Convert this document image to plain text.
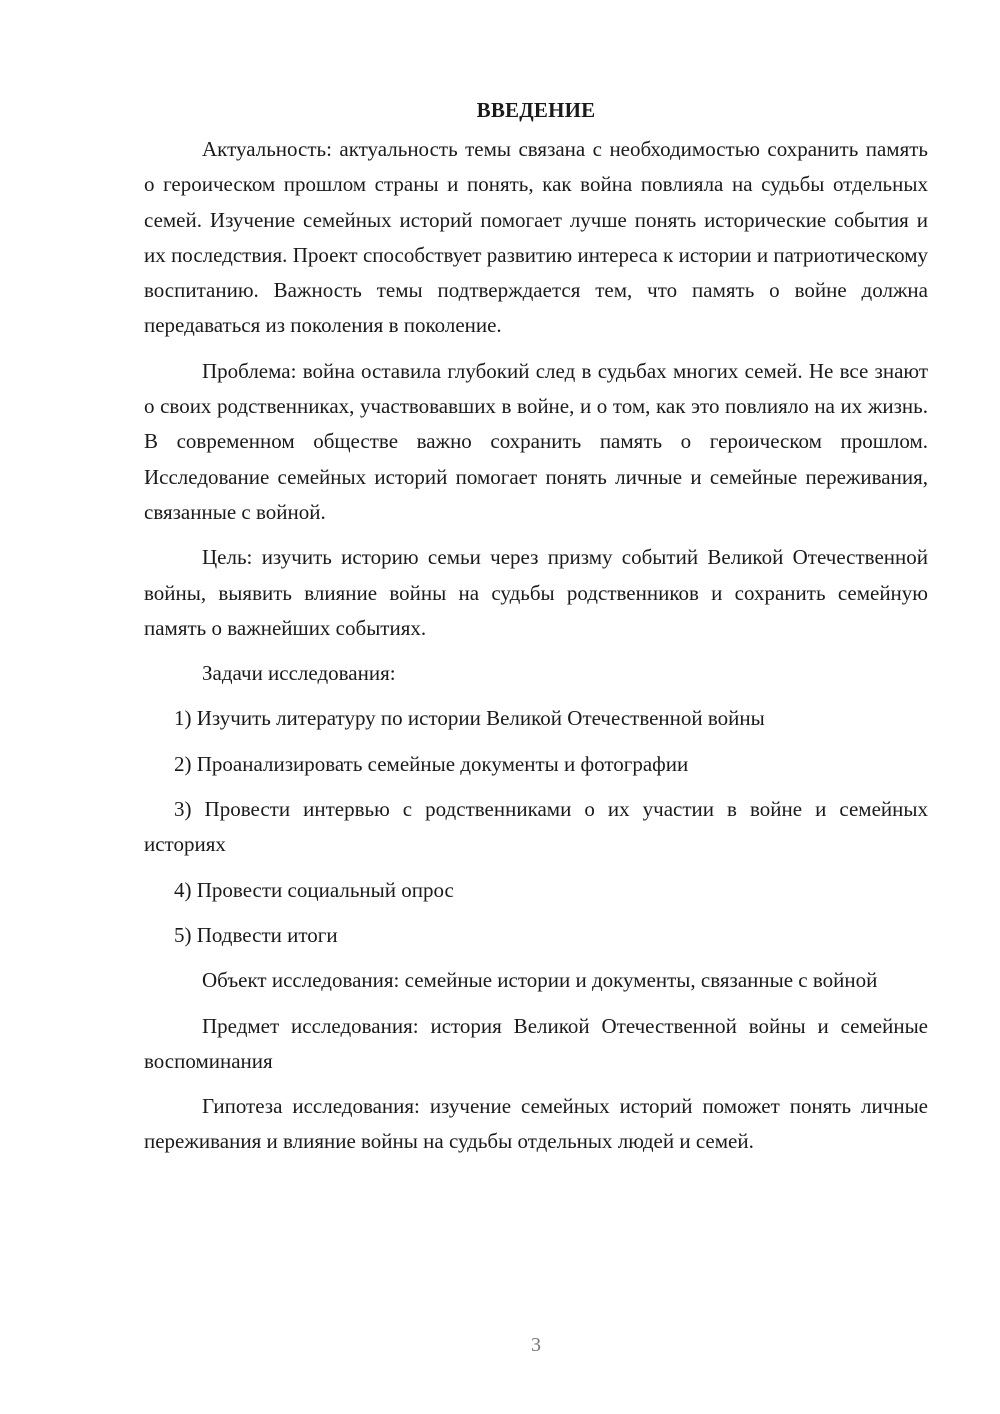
ВВЕДЕНИЕ

Актуальность: актуальность темы связана с необходимостью сохранить память о героическом прошлом страны и понять, как война повлияла на судьбы отдельных семей. Изучение семейных историй помогает лучше понять исторические события и их последствия. Проект способствует развитию интереса к истории и патриотическому воспитанию. Важность темы подтверждается тем, что память о войне должна передаваться из поколения в поколение.

Проблема: война оставила глубокий след в судьбах многих семей. Не все знают о своих родственниках, участвовавших в войне, и о том, как это повлияло на их жизнь. В современном обществе важно сохранить память о героическом прошлом. Исследование семейных историй помогает понять личные и семейные переживания, связанные с войной.

Цель: изучить историю семьи через призму событий Великой Отечественной войны, выявить влияние войны на судьбы родственников и сохранить семейную память о важнейших событиях.

Задачи исследования:

1) Изучить литературу по истории Великой Отечественной войны

2) Проанализировать семейные документы и фотографии

3) Провести интервью с родственниками о их участии в войне и семейных историях

4) Провести социальный опрос

5) Подвести итоги

Объект исследования: семейные истории и документы, связанные с войной

Предмет исследования: история Великой Отечественной войны и семейные воспоминания

Гипотеза исследования: изучение семейных историй поможет понять личные переживания и влияние войны на судьбы отдельных людей и семей.

3
